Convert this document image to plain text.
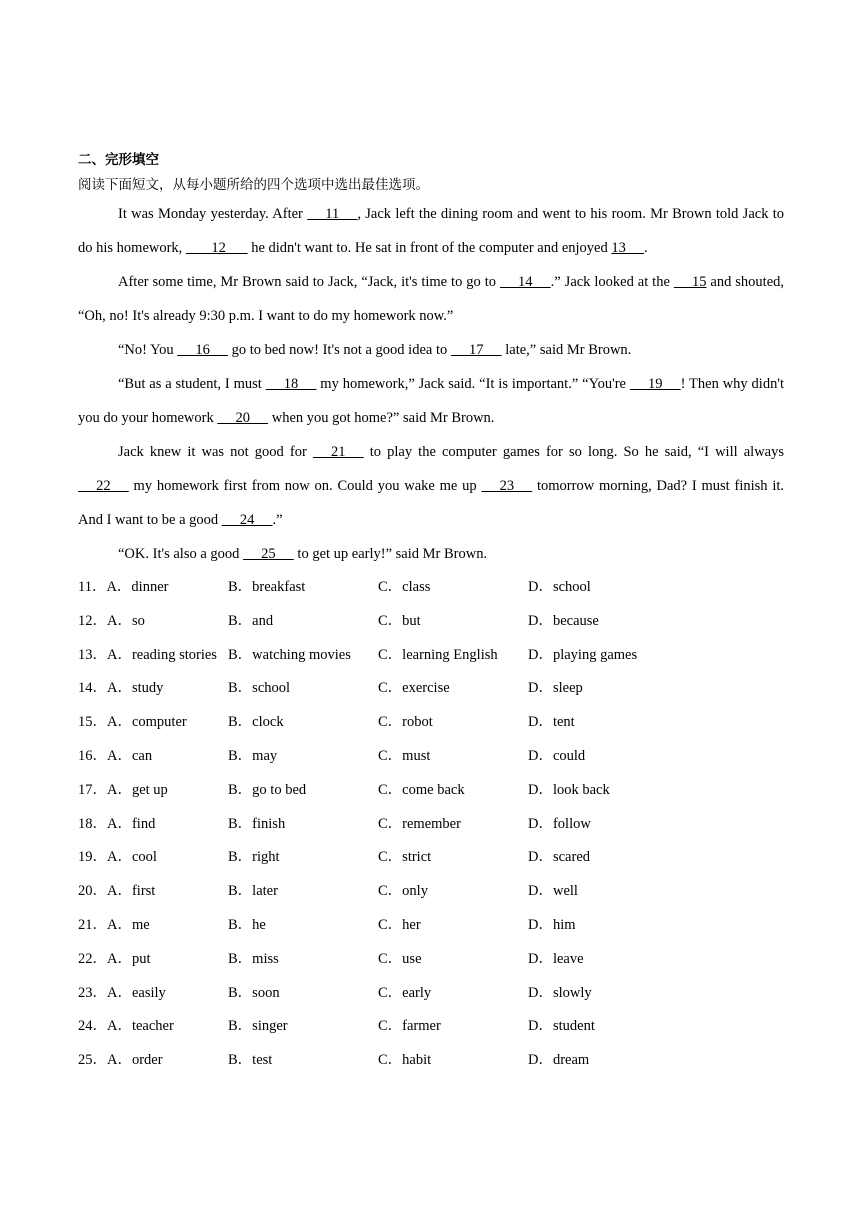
二、完形填空
阅读下面短文，从每小题所给的四个选项中选出最佳选项。

It was Monday yesterday. After      11     , Jack left the dining room and went to his room. Mr Brown told Jack to do his homework,        12       he didn't want to. He sat in front of the computer and enjoyed 13     .

After some time, Mr Brown said to Jack, “Jack, it's time to go to      14     .” Jack looked at the      15 and shouted, “Oh, no! It's already 9:30 p.m. I want to do my homework now.”

“No! You      16      go to bed now! It's not a good idea to      17      late,” said Mr Brown.

“But as a student, I must      18      my homework,” Jack said. “It is important.” “You're      19     ! Then why didn't you do your homework      20      when you got home?” said Mr Brown.

Jack knew it was not good for      21      to play the computer games for so long. So he said, “I will always      22      my homework first from now on. Could you wake me up      23      tomorrow morning, Dad? I must finish it. And I want to be a good      24     .”

“OK. It's also a good      25      to get up early!” said Mr Brown.

11．A．dinner	B．breakfast	C．class	D．school
12．A．so	B．and	C．but	D．because
13．A．reading stories B．watching movies	C．learning English	D．playing games
14．A．study	B．school	C．exercise	D．sleep
15．A．computer	B．clock	C．robot	D．tent
16．A．can	B．may	C．must	D．could
17．A．get up	B．go to bed	C．come back	D．look back
18．A．find	B．finish	C．remember	D．follow
19．A．cool	B．right	C．strict	D．scared
20．A．first	B．later	C．only	D．well
21．A．me	B．he	C．her	D．him
22．A．put	B．miss	C．use	D．leave
23．A．easily	B．soon	C．early	D．slowly
24．A．teacher	B．singer	C．farmer	D．student
25．A．order	B．test	C．habit	D．dream
